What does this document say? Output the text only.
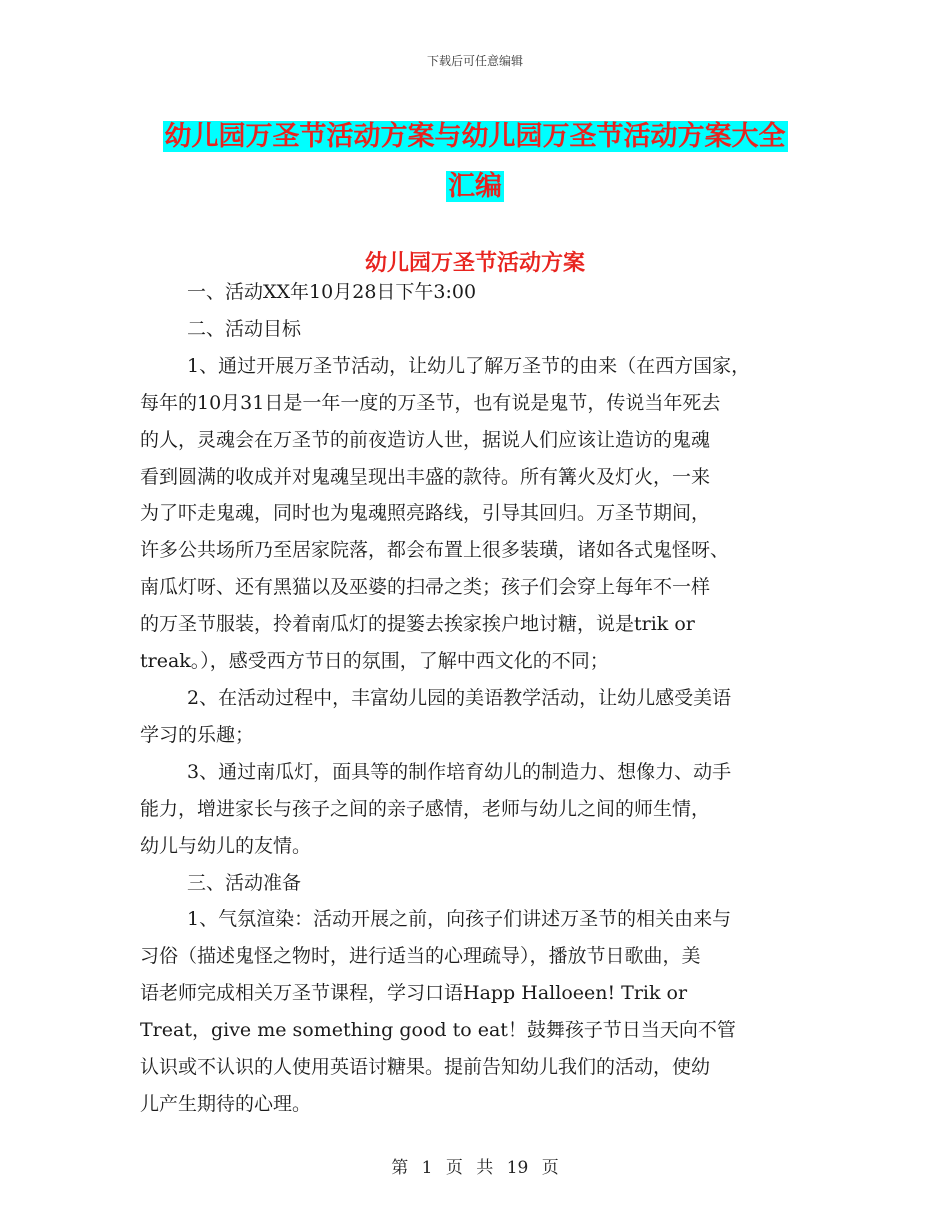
下载后可任意编辑
幼儿园万圣节活动方案与幼儿园万圣节活动方案大全
汇编
幼儿园万圣节活动方案

一、活动XX年10月28日下午3:00

二、活动目标

1、通过开展万圣节活动，让幼儿了解万圣节的由来（在西方国家，

每年的10月31日是一年一度的万圣节，也有说是鬼节，传说当年死去

的人，灵魂会在万圣节的前夜造访人世，据说人们应该让造访的鬼魂

看到圆满的收成并对鬼魂呈现出丰盛的款待。所有篝火及灯火，一来

为了吓走鬼魂，同时也为鬼魂照亮路线，引导其回归。万圣节期间，

许多公共场所乃至居家院落，都会布置上很多装璜，诸如各式鬼怪呀、

南瓜灯呀、还有黑猫以及巫婆的扫帚之类；孩子们会穿上每年不一样

的万圣节服装，拎着南瓜灯的提篓去挨家挨户地讨糖，说是trik or

treak。），感受西方节日的氛围，了解中西文化的不同；

2、在活动过程中，丰富幼儿园的美语教学活动，让幼儿感受美语

学习的乐趣；

3、通过南瓜灯，面具等的制作培育幼儿的制造力、想像力、动手

能力，增进家长与孩子之间的亲子感情，老师与幼儿之间的师生情，

幼儿与幼儿的友情。

三、活动准备

1、气氛渲染：活动开展之前，向孩子们讲述万圣节的相关由来与

习俗（描述鬼怪之物时，进行适当的心理疏导），播放节日歌曲，美

语老师完成相关万圣节课程，学习口语Happ Halloeen! Trik or

Treat，give me something good to eat！鼓舞孩子节日当天向不管

认识或不认识的人使用英语讨糖果。提前告知幼儿我们的活动，使幼

儿产生期待的心理。

第 1 页 共 19 页
